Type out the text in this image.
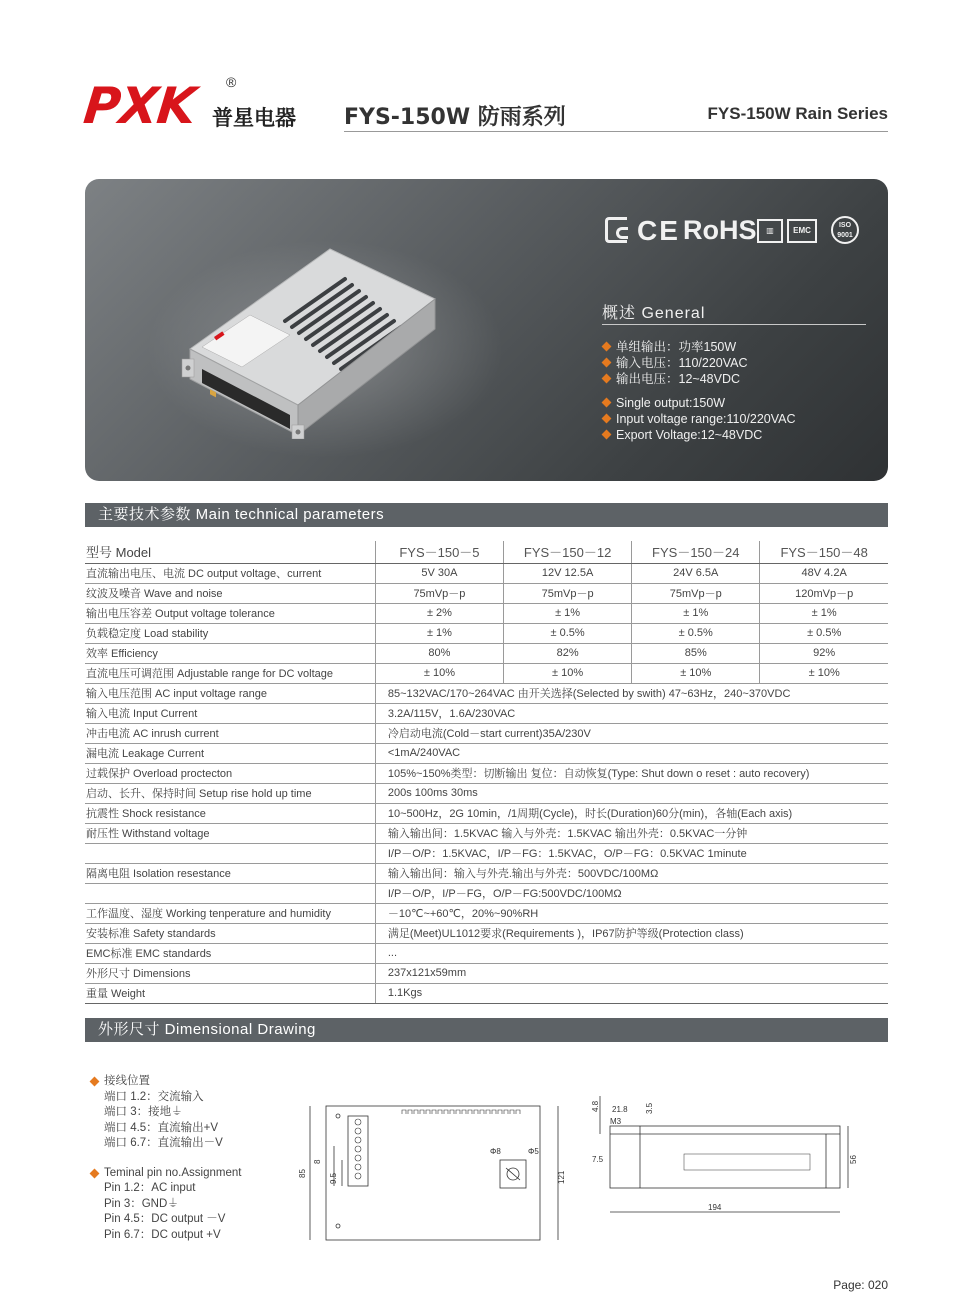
PXK ®
普星电器 FYS-150W 防雨系列	FYS-150W Rain Series
CE RoHS	▥	EMC
ISO 9001
概述 General
单组输出：功率150W
输入电压：110/220VAC
输出电压：12~48VDC
Single output:150W
Input voltage range:110/220VAC
Export Voltage:12~48VDC
主要技术参数 Main technical parameters
型号 Model	FYS－150－5	FYS－150－12	FYS－150－24	FYS－150－48
直流输出电压、电流 DC output voltage、current	5V 30A	12V 12.5A	24V 6.5A	48V 4.2A
纹波及噪音 Wave and noise	75mVp－p	75mVp－p	75mVp－p	120mVp－p
输出电压容差 Output voltage tolerance	± 2%	± 1%	± 1%	± 1%
负载稳定度 Load stability	± 1%	± 0.5%	± 0.5%	± 0.5%
效率 Efficiency	80%	82%	85%	92%
直流电压可调范围 Adjustable range for DC voltage	± 10%	± 10%	± 10%	± 10%
输入电压范围 AC input voltage range	85~132VAC/170~264VAC 由开关选择(Selected by swith) 47~63Hz，240~370VDC			
输入电流 Input Current	3.2A/115V，1.6A/230VAC			
冲击电流 AC inrush current	冷启动电流(Cold－start current)35A/230V			
漏电流 Leakage Current	<1mA/240VAC			
过载保护 Overload proctecton	105%~150%类型：切断输出 复位：自动恢复(Type: Shut down o reset : auto recovery)			
启动、长升、保持时间 Setup rise hold up time	200s 100ms 30ms			
抗震性 Shock resistance	10~500Hz，2G 10min，/1周期(Cycle)，时长(Duration)60分(min)，各轴(Each axis)			
耐压性 Withstand voltage	输入输出间：1.5KVAC 输入与外壳：1.5KVAC 输出外壳：0.5KVAC一分钟			
	I/P－O/P：1.5KVAC，I/P－FG：1.5KVAC，O/P－FG：0.5KVAC 1minute			
隔离电阻 Isolation resestance	输入输出间：输入与外壳.输出与外壳：500VDC/100MΩ			
	I/P－O/P，I/P－FG，O/P－FG:500VDC/100MΩ			
工作温度、湿度 Working tenperature and humidity	－10℃~+60℃，20%~90%RH			
安装标准 Safety standards	满足(Meet)UL1012要求(Requirements )，IP67防护等级(Protection class)			
EMC标准 EMC standards	...			
外形尺寸 Dimensions	237x121x59mm			
重量 Weight	1.1Kgs			
外形尺寸 Dimensional Drawing
接线位置
端口 1.2：交流输入
端口 3：接地⏚
端口 4.5：直流输出+V
端口 6.7：直流输出－V
Teminal pin no.Assignment
Pin 1.2：AC input
Pin 3：GND⏚
Pin 4.5：DC output －V
Pin 6.7：DC output +V
85
8
9.5
Φ8	Φ5
121
4.8 21.8 3.5
M3
7.5	56
194
Page: 020
